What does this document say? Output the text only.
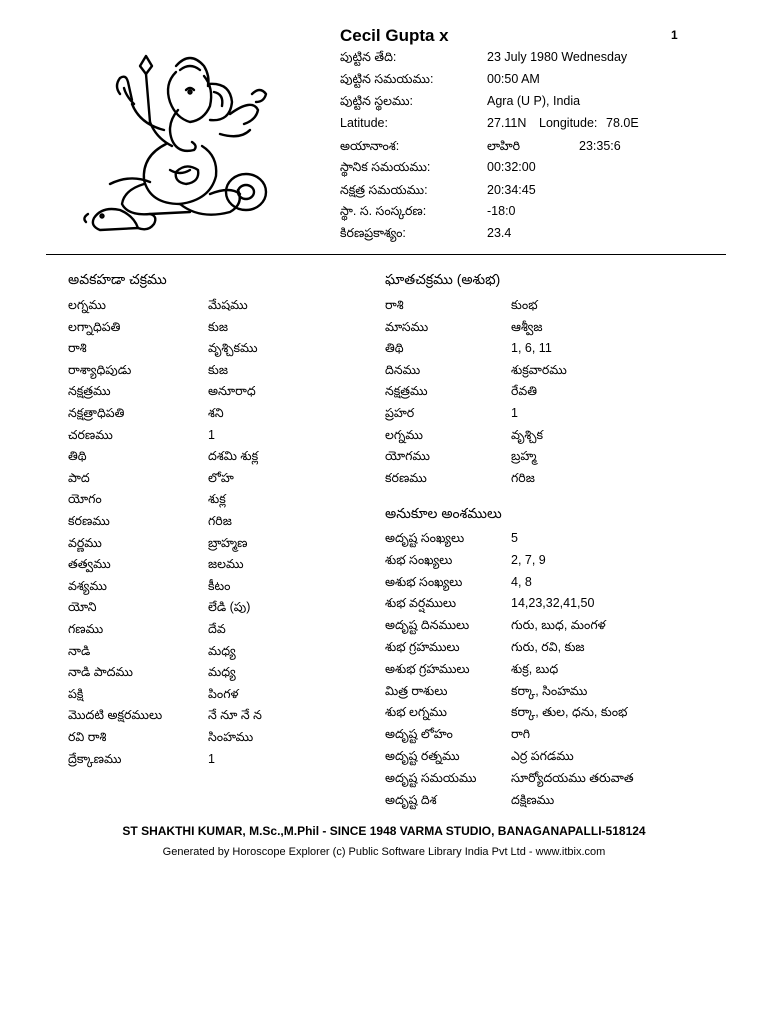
Cecil Gupta x	1
పుట్టిన తేది:	23 July 1980 Wednesday
పుట్టిన సమయము:	00:50 AM
పుట్టిన స్థలము:	Agra (U P), India
Latitude:	27.11N Longitude: 78.0E
అయానాంశ:	లాహిరి	23:35:6
స్థానిక సమయము:	00:32:00
నక్షత్ర సమయము:	20:34:45
స్థా. స. సంస్కరణ:	-18:0
కిరణప్రకాశ్యం:	23.4
అవకహడా చక్రము
లగ్నము	మేషము
లగ్నాధిపతి	కుజ
రాశి	వృశ్చికము
రాశ్యాధిపుడు	కుజ
నక్షత్రము	అనూరాధ
నక్షత్రాధిపతి	శని
చరణము	1
తిథి	దశమి శుక్ల
పాద	లోహ
యోగం	శుక్ల
కరణము	గరిజ
వర్ణము	బ్రాహ్మణ
తత్వము	జలము
వశ్యము	కీటం
యోని	లేడి (పు)
గణము	దేవ
నాడి	మధ్య
నాడి పాదము	మధ్య
పక్షి	పింగళ
మొదటి అక్షరములు	నే నూ నే న
రవి రాశి	సింహము
ద్రేక్కాణము	1
ఘాతచక్రము (అశుభ)
రాశి	కుంభ
మాసము	ఆశ్వీజ
తిథి	1, 6, 11
దినము	శుక్రవారము
నక్షత్రము	రేవతి
ప్రహర	1
లగ్నము	వృశ్చిక
యోగము	బ్రహ్మ
కరణము	గరిజ
అనుకూల అంశములు
అదృష్ట సంఖ్యలు	5
శుభ సంఖ్యలు	2, 7, 9
అశుభ సంఖ్యలు	4, 8
శుభ వర్షములు	14,23,32,41,50
అదృష్ట దినములు	గురు, బుధ, మంగళ
శుభ గ్రహములు	గురు, రవి, కుజ
అశుభ గ్రహములు	శుక్ర, బుధ
మిత్ర రాశులు	కర్కా, సింహము
శుభ లగ్నము	కర్కా, తుల, ధను, కుంభ
అదృష్ట లోహం	రాగి
అదృష్ట రత్నము	ఎర్ర పగడము
అదృష్ట సమయము	సూర్యోదయము తరువాత
అదృష్ట దిశ	దక్షిణము
ST SHAKTHI KUMAR, M.Sc.,M.Phil - SINCE 1948 VARMA STUDIO, BANAGANAPALLI-518124
Generated by Horoscope Explorer (c) Public Software Library India Pvt Ltd - www.itbix.com
